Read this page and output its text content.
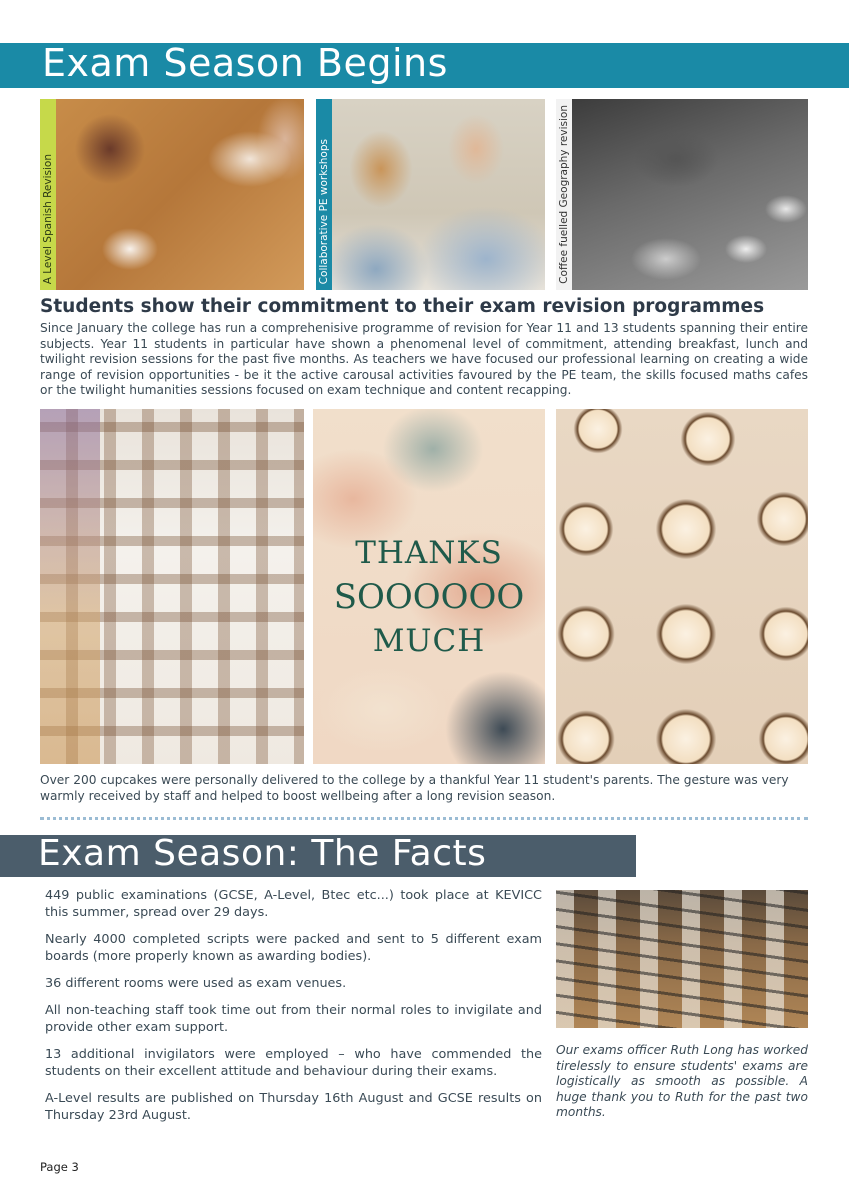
Exam Season Begins
A Level Spanish Revision	Collaborative PE workshops	Coffee fuelled Geography revision
Students show their commitment to their exam revision programmes
Since January the college has run a comprehenisive programme of revision for Year 11 and 13 students spanning their entire subjects. Year 11 students in particular have shown a phenomenal level of commitment, attending breakfast, lunch and twilight revision sessions for the past five months. As teachers we have focused our professional learning on creating a wide range of revision opportunities - be it the active carousal activities favoured by the PE team, the skills focused maths cafes or the twilight humanities sessions focused on exam technique and content recapping.
THANKS
SOOOOOO
MUCH
Over 200 cupcakes were personally delivered to the college by a thankful Year 11 student's parents. The gesture was very warmly received by staff and helped to boost wellbeing after a long revision season.
Exam Season: The Facts

449 public examinations (GCSE, A-Level, Btec etc...) took place at KEVICC this summer, spread over 29 days.

Nearly 4000 completed scripts were packed and sent to 5 different exam boards (more properly known as awarding bodies).

36 different rooms were used as exam venues.

All non-teaching staff took time out from their normal roles to invigilate and provide other exam support.

13 additional invigilators were employed – who have commended the students on their excellent attitude and behaviour during their exams.

A-Level results are published on Thursday 16th August and GCSE results on Thursday 23rd August.

Our exams officer Ruth Long has worked tirelessly to ensure students' exams are logistically as smooth as possible. A huge thank you to Ruth for the past two months.
Page 3
